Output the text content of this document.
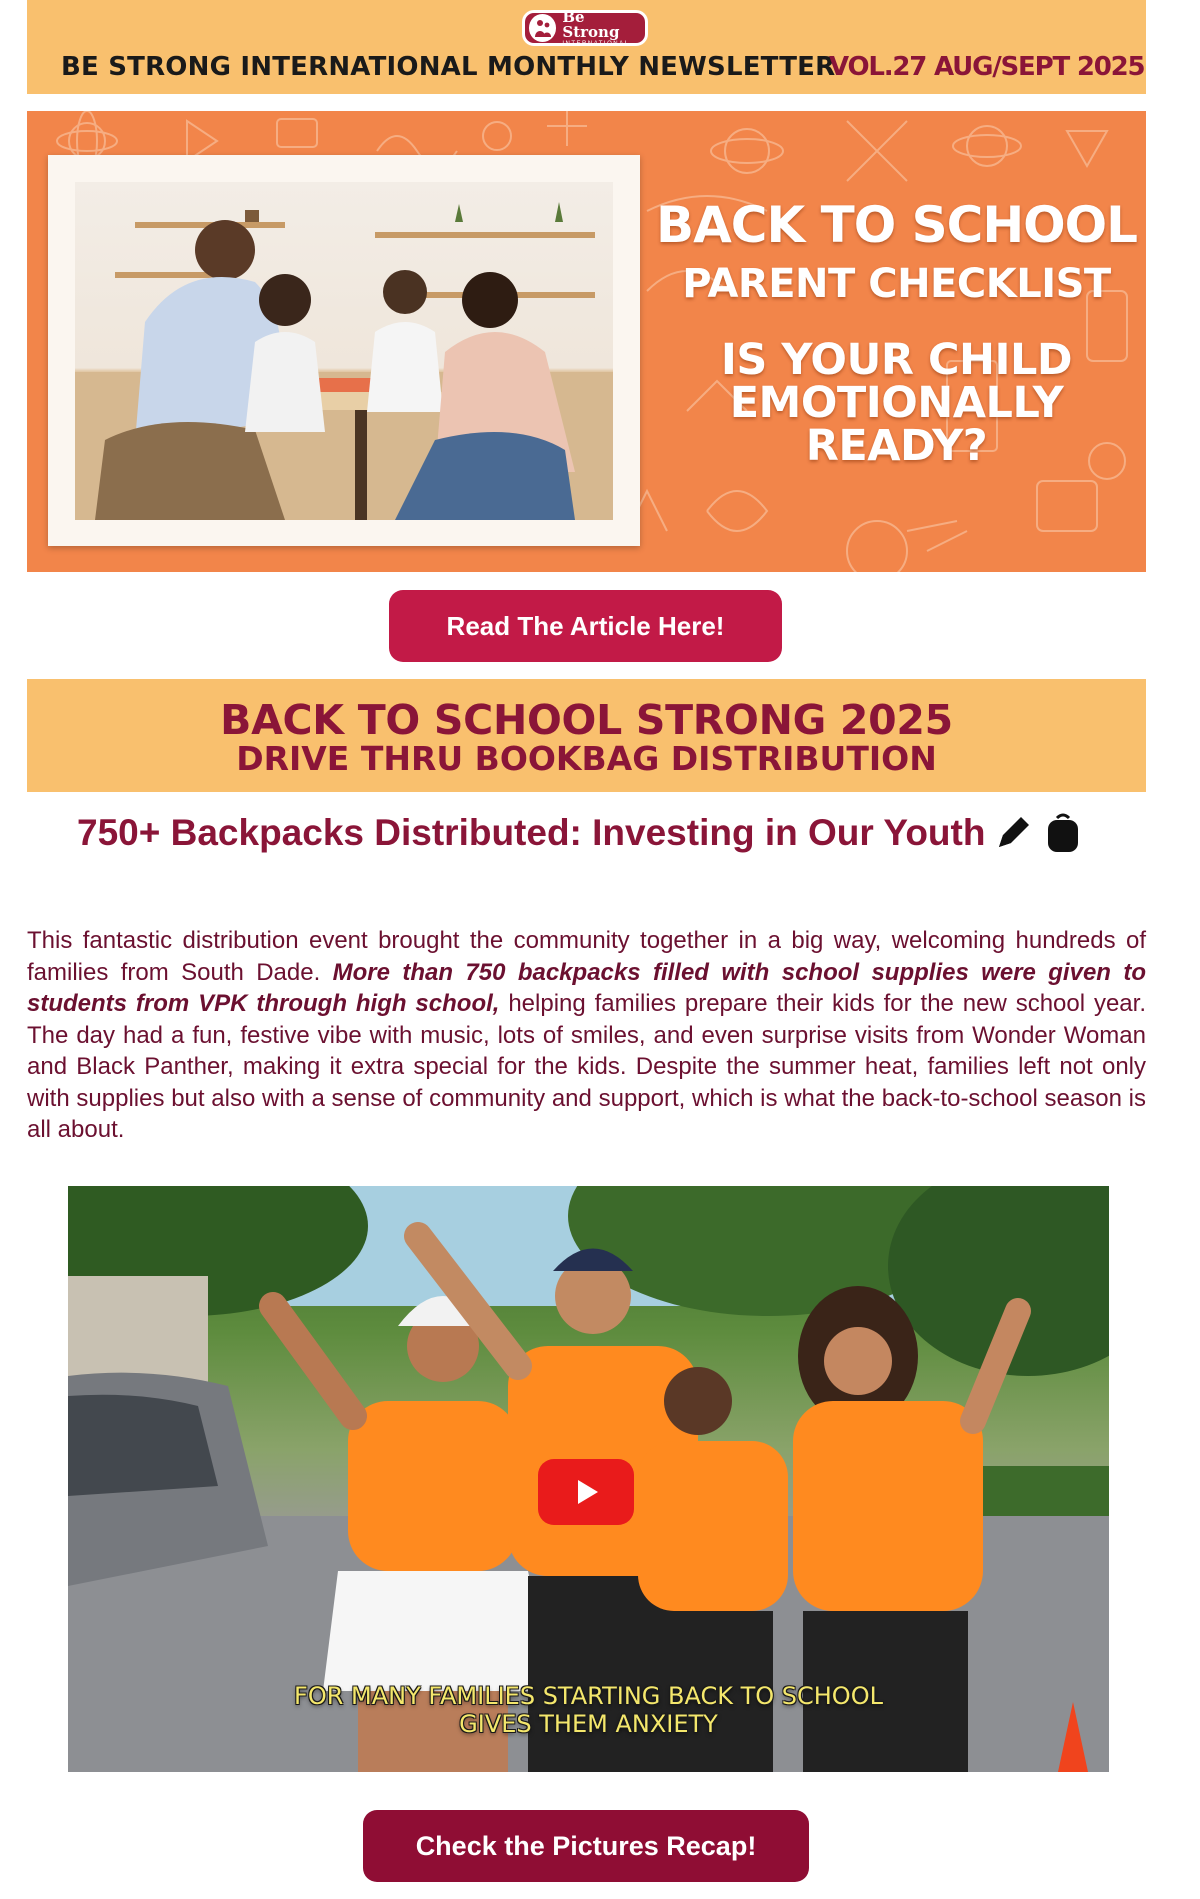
Be Strong
INTERNATIONAL
BE STRONG INTERNATIONAL MONTHLY NEWSLETTER
VOL.27 AUG/SEPT 2025
BACK TO SCHOOL
PARENT CHECKLIST
IS YOUR CHILD
EMOTIONALLY
READY?
Read The Article Here!
BACK TO SCHOOL STRONG 2025
DRIVE THRU BOOKBAG DISTRIBUTION
750+ Backpacks Distributed: Investing in Our Youth
This fantastic distribution event brought the community together in a big way, welcoming hundreds of families from South Dade. More than 750 backpacks filled with school supplies were given to students from VPK through high school, helping families prepare their kids for the new school year. The day had a fun, festive vibe with music, lots of smiles, and even surprise visits from Wonder Woman and Black Panther, making it extra special for the kids. Despite the summer heat, families left not only with supplies but also with a sense of community and support, which is what the back-to-school season is all about.
FOR MANY FAMILIES STARTING BACK TO SCHOOL
GIVES THEM ANXIETY
Check the Pictures Recap!
